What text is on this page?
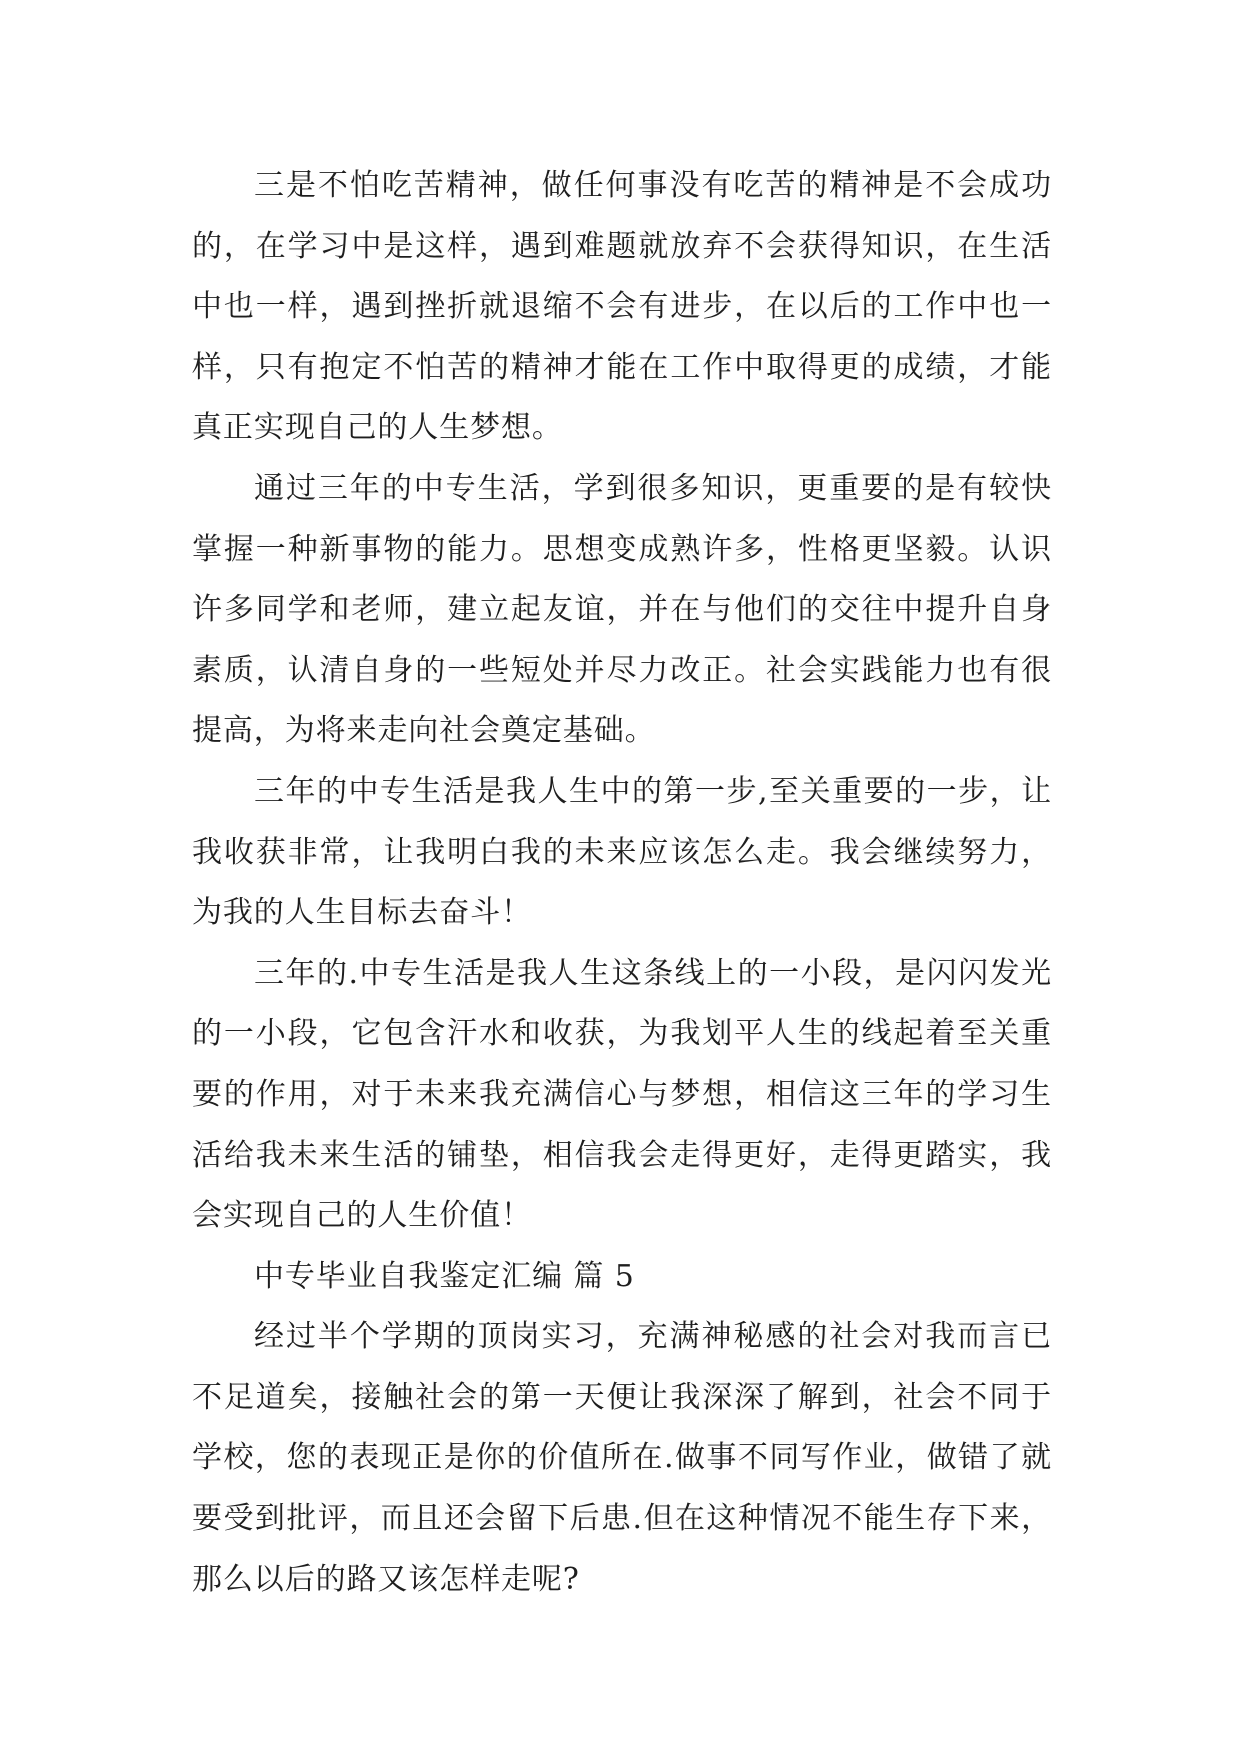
三是不怕吃苦精神，做任何事没有吃苦的精神是不会成功的，在学习中是这样，遇到难题就放弃不会获得知识，在生活中也一样，遇到挫折就退缩不会有进步，在以后的工作中也一样，只有抱定不怕苦的精神才能在工作中取得更的成绩，才能真正实现自己的人生梦想。

通过三年的中专生活，学到很多知识，更重要的是有较快掌握一种新事物的能力。思想变成熟许多，性格更坚毅。认识许多同学和老师，建立起友谊，并在与他们的交往中提升自身素质，认清自身的一些短处并尽力改正。社会实践能力也有很提高，为将来走向社会奠定基础。

三年的中专生活是我人生中的第一步,至关重要的一步，让我收获非常，让我明白我的未来应该怎么走。我会继续努力，为我的人生目标去奋斗！

三年的.中专生活是我人生这条线上的一小段，是闪闪发光的一小段，它包含汗水和收获，为我划平人生的线起着至关重要的作用，对于未来我充满信心与梦想，相信这三年的学习生活给我未来生活的铺垫，相信我会走得更好，走得更踏实，我会实现自己的人生价值！

中专毕业自我鉴定汇编 篇 5

经过半个学期的顶岗实习，充满神秘感的社会对我而言已不足道矣，接触社会的第一天便让我深深了解到，社会不同于学校，您的表现正是你的价值所在.做事不同写作业，做错了就要受到批评，而且还会留下后患.但在这种情况不能生存下来，那么以后的路又该怎样走呢?
